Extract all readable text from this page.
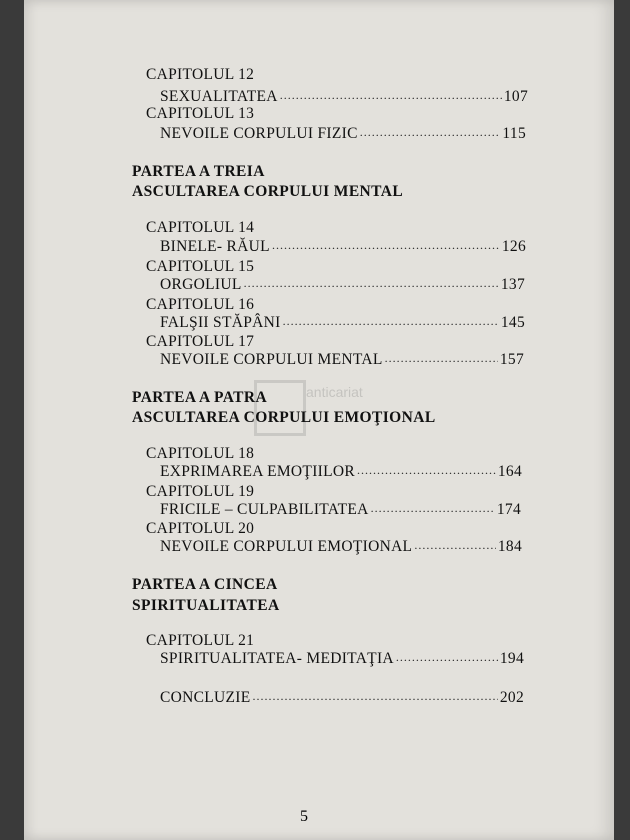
CAPITOLUL 12
SEXUALITATEA .....	107
CAPITOLUL 13
NEVOILE CORPULUI FIZIC .....	115
PARTEA A TREIA
ASCULTAREA CORPULUI MENTAL
CAPITOLUL 14
BINELE- RĂUL .....	126
CAPITOLUL 15
ORGOLIUL .....	137
CAPITOLUL 16
FALŞII STĂPÂNI .....	145
CAPITOLUL 17
NEVOILE CORPULUI MENTAL .....	157
anticariat
PARTEA A PATRA
ASCULTAREA CORPULUI EMOŢIONAL
CAPITOLUL 18
EXPRIMAREA EMOŢIILOR .....	164
CAPITOLUL 19
FRICILE – CULPABILITATEA .....	174
CAPITOLUL 20
NEVOILE CORPULUI EMOŢIONAL .....	184
PARTEA A CINCEA
SPIRITUALITATEA
CAPITOLUL 21
SPIRITUALITATEA- MEDITAŢIA .....	194
CONCLUZIE .....	202
5
